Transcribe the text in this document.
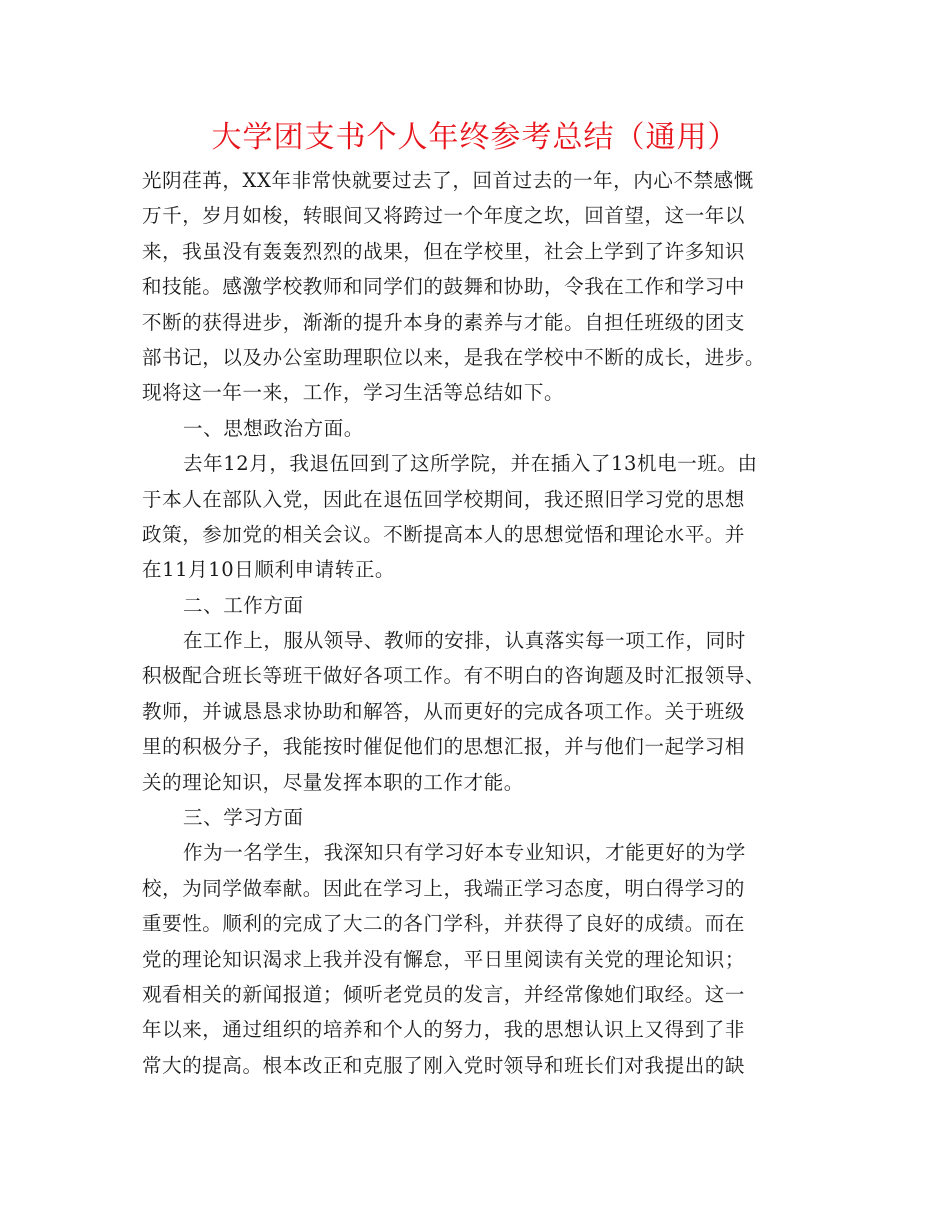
大学团支书个人年终参考总结（通用）
光阴荏苒，XX年非常快就要过去了，回首过去的一年，内心不禁感慨
万千，岁月如梭，转眼间又将跨过一个年度之坎，回首望，这一年以
来，我虽没有轰轰烈烈的战果，但在学校里，社会上学到了许多知识
和技能。感激学校教师和同学们的鼓舞和协助，令我在工作和学习中
不断的获得进步，渐渐的提升本身的素养与才能。自担任班级的团支
部书记，以及办公室助理职位以来，是我在学校中不断的成长，进步。
现将这一年一来，工作，学习生活等总结如下。
一、思想政治方面。
去年12月，我退伍回到了这所学院，并在插入了13机电一班。由
于本人在部队入党，因此在退伍回学校期间，我还照旧学习党的思想
政策，参加党的相关会议。不断提高本人的思想觉悟和理论水平。并
在11月10日顺利申请转正。
二、工作方面
在工作上，服从领导、教师的安排，认真落实每一项工作，同时
积极配合班长等班干做好各项工作。有不明白的咨询题及时汇报领导、
教师，并诚恳恳求协助和解答，从而更好的完成各项工作。关于班级
里的积极分子，我能按时催促他们的思想汇报，并与他们一起学习相
关的理论知识，尽量发挥本职的工作才能。
三、学习方面
作为一名学生，我深知只有学习好本专业知识，才能更好的为学
校，为同学做奉献。因此在学习上，我端正学习态度，明白得学习的
重要性。顺利的完成了大二的各门学科，并获得了良好的成绩。而在
党的理论知识渴求上我并没有懈怠，平日里阅读有关党的理论知识；
观看相关的新闻报道；倾听老党员的发言，并经常像她们取经。这一
年以来，通过组织的培养和个人的努力，我的思想认识上又得到了非
常大的提高。根本改正和克服了刚入党时领导和班长们对我提出的缺
